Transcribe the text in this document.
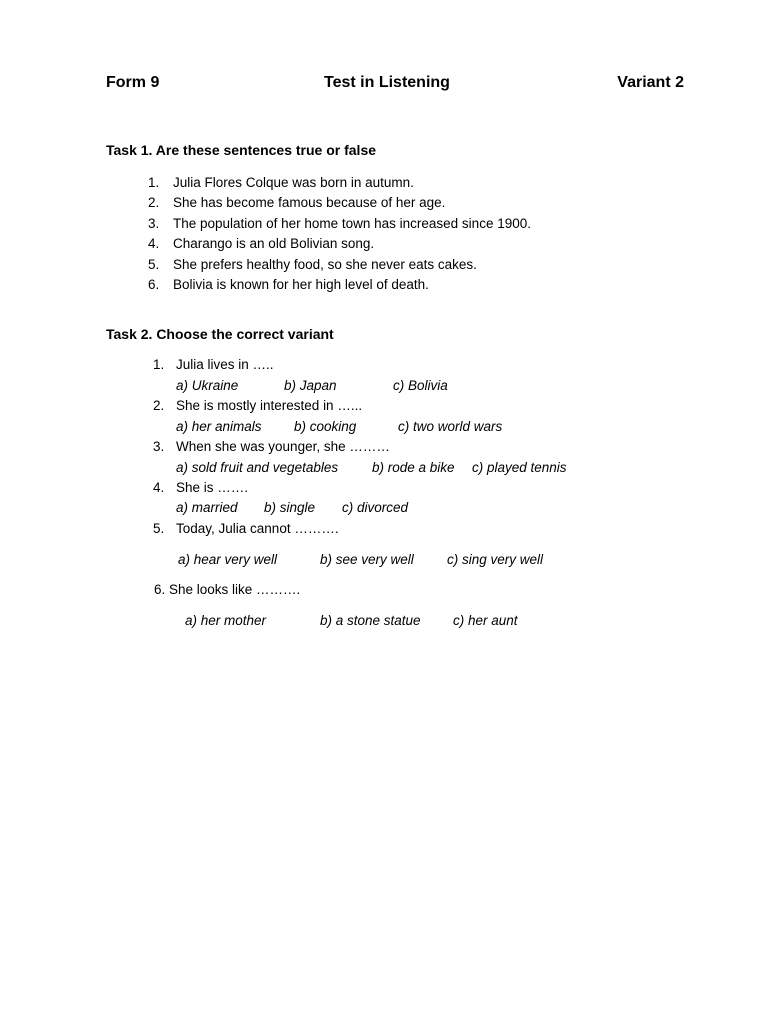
Form 9	Test in Listening	Variant 2
Task 1. Are these sentences true or false
1. Julia Flores Colque was born in autumn.
2. She has become famous because of her age.
3. The population of her home town has increased since 1900.
4. Charango is an old Bolivian song.
5. She prefers healthy food, so she never eats cakes.
6. Bolivia is known for her high level of death.
Task 2. Choose the correct variant
1. Julia lives in …..
a) Ukraine	b) Japan	c) Bolivia
2. She is mostly interested in …...
a) her animals b) cooking	c) two world wars
3. When she was younger, she ………
a) sold fruit and vegetables	b) rode a bike c) played tennis
4. She is …….
a) married b) single c) divorced
5. Today, Julia cannot ……….
a) hear very well	b) see very well c) sing very well
6. She looks like ……….
a) her mother	b) a stone statue c) her aunt
